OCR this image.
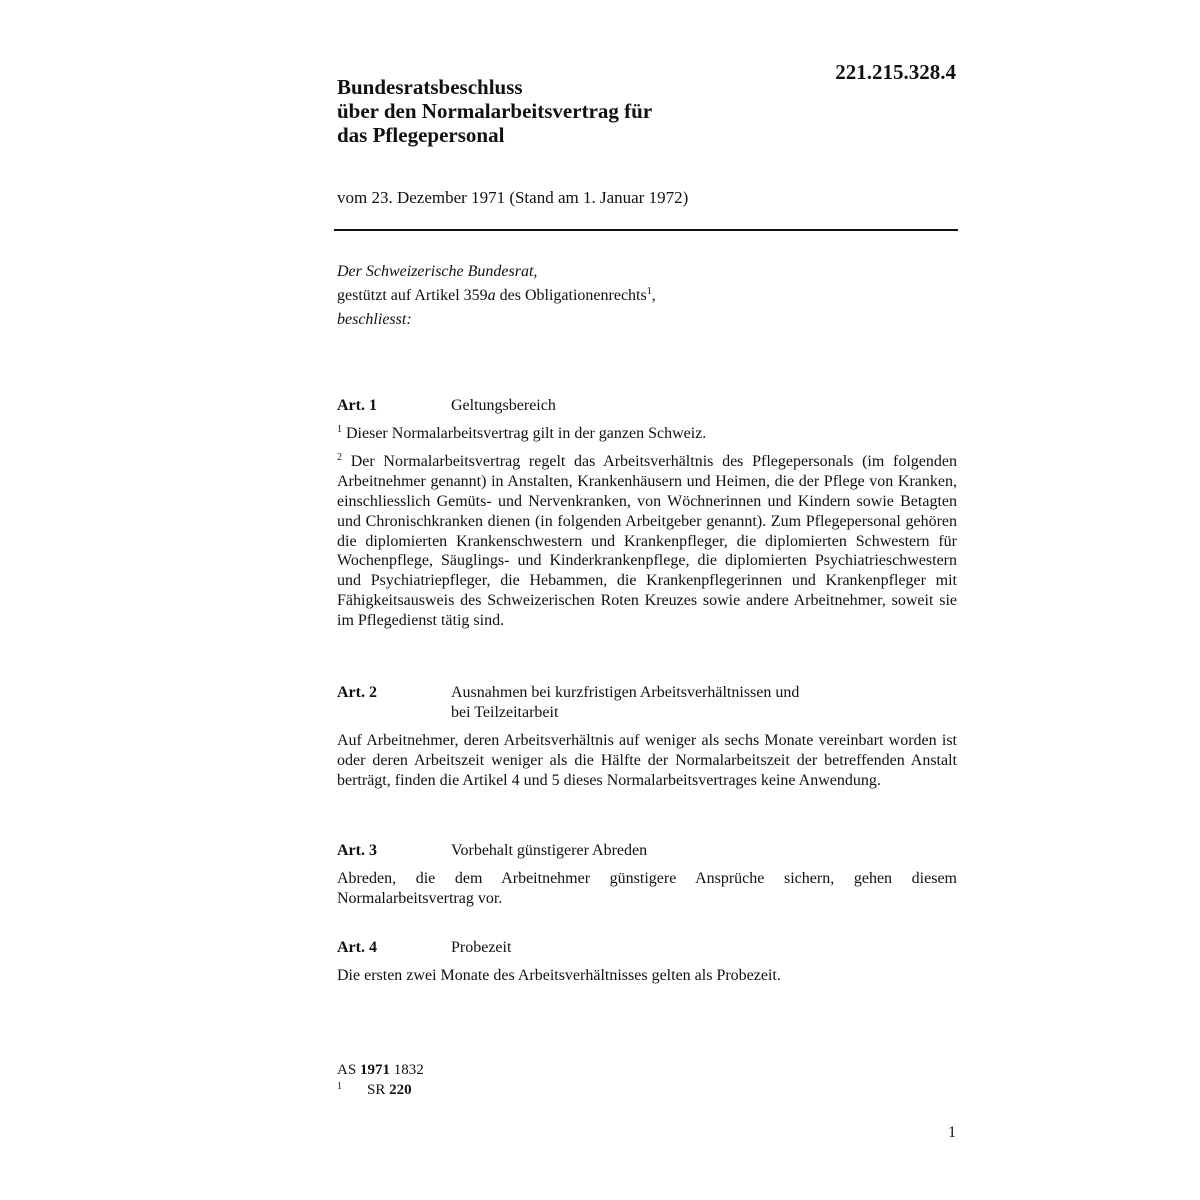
221.215.328.4
Bundesratsbeschluss
über den Normalarbeitsvertrag für
das Pflegepersonal
vom 23. Dezember 1971 (Stand am 1. Januar 1972)
Der Schweizerische Bundesrat,
gestützt auf Artikel 359a des Obligationenrechts$^1$,
beschliesst:
Art. 1	Geltungsbereich

$^1$ Dieser Normalarbeitsvertrag gilt in der ganzen Schweiz.

$^2$ Der Normalarbeitsvertrag regelt das Arbeitsverhältnis des Pflegepersonals (im folgenden Arbeitnehmer genannt) in Anstalten, Krankenhäusern und Heimen, die der Pflege von Kranken, einschliesslich Gemüts- und Nervenkranken, von Wöchnerinnen und Kindern sowie Betagten und Chronischkranken dienen (in folgenden Arbeitgeber genannt). Zum Pflegepersonal gehören die diplomierten Krankenschwestern und Krankenpfleger, die diplomierten Schwestern für Wochenpflege, Säuglings- und Kinderkrankenpflege, die diplomierten Psychiatrieschwestern und Psychiatriepfleger, die Hebammen, die Krankenpflegerinnen und Krankenpfleger mit Fähigkeitsausweis des Schweizerischen Roten Kreuzes sowie andere Arbeitnehmer, soweit sie im Pflegedienst tätig sind.

Art. 2	Ausnahmen bei kurzfristigen Arbeitsverhältnissen und
bei Teilzeitarbeit

Auf Arbeitnehmer, deren Arbeitsverhältnis auf weniger als sechs Monate vereinbart worden ist oder deren Arbeitszeit weniger als die Hälfte der Normalarbeitszeit der betreffenden Anstalt berträgt, finden die Artikel 4 und 5 dieses Normalarbeitsvertrages keine Anwendung.

Art. 3	Vorbehalt günstigerer Abreden

Abreden, die dem Arbeitnehmer günstigere Ansprüche sichern, gehen diesem Normalarbeitsvertrag vor.

Art. 4	Probezeit

Die ersten zwei Monate des Arbeitsverhältnisses gelten als Probezeit.

AS 1971 1832
1 SR 220
1
